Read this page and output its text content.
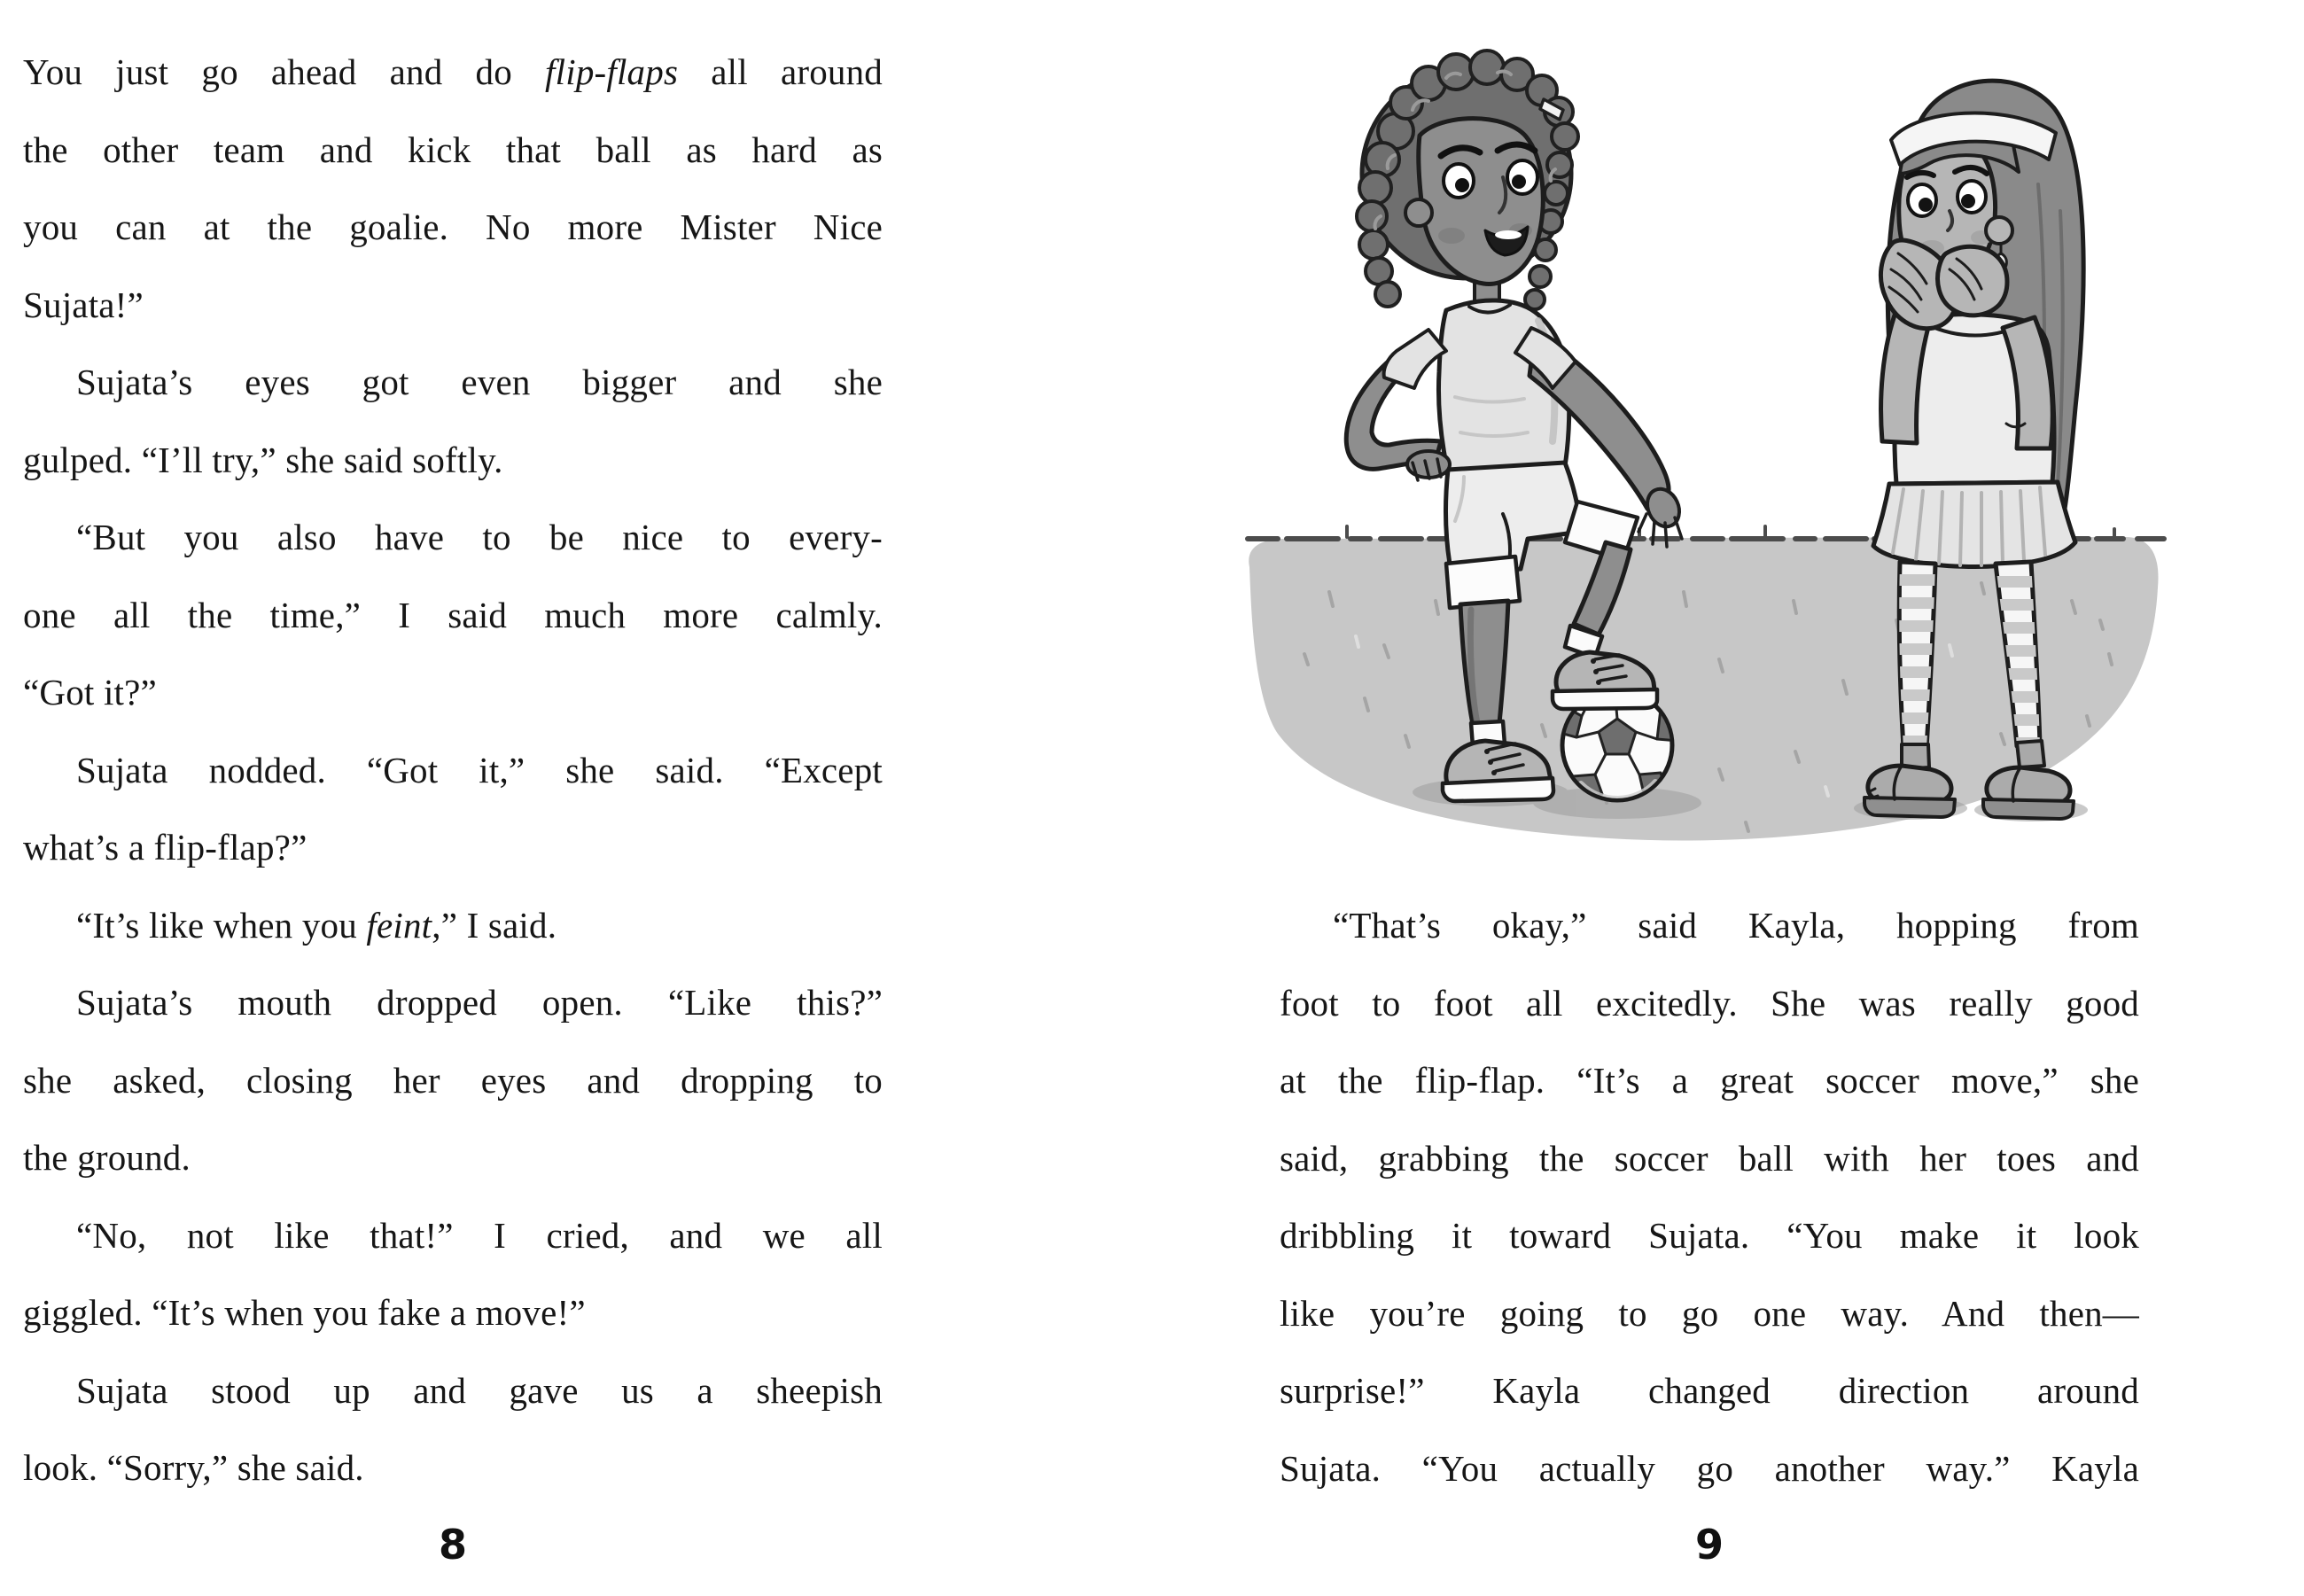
You just go ahead and do flip-flaps all around
the other team and kick that ball as hard as
you can at the goalie. No more Mister Nice
Sujata!”
Sujata’s eyes got even bigger and she
gulped. “I’ll try,” she said softly.
“But you also have to be nice to every-
one all the time,” I said much more calmly.
“Got it?”
Sujata nodded. “Got it,” she said. “Except
what’s a flip-flap?”
“It’s like when you feint,” I said.
Sujata’s mouth dropped open. “Like this?”
she asked, closing her eyes and dropping to
the ground.
“No, not like that!” I cried, and we all
giggled. “It’s when you fake a move!”
Sujata stood up and gave us a sheepish
look. “Sorry,” she said.
“That’s okay,” said Kayla, hopping from
foot to foot all excitedly. She was really good
at the flip-flap. “It’s a great soccer move,” she
said, grabbing the soccer ball with her toes and
dribbling it toward Sujata. “You make it look
like you’re going to go one way. And then—
surprise!” Kayla changed direction around
Sujata. “You actually go another way.” Kayla
8	9
